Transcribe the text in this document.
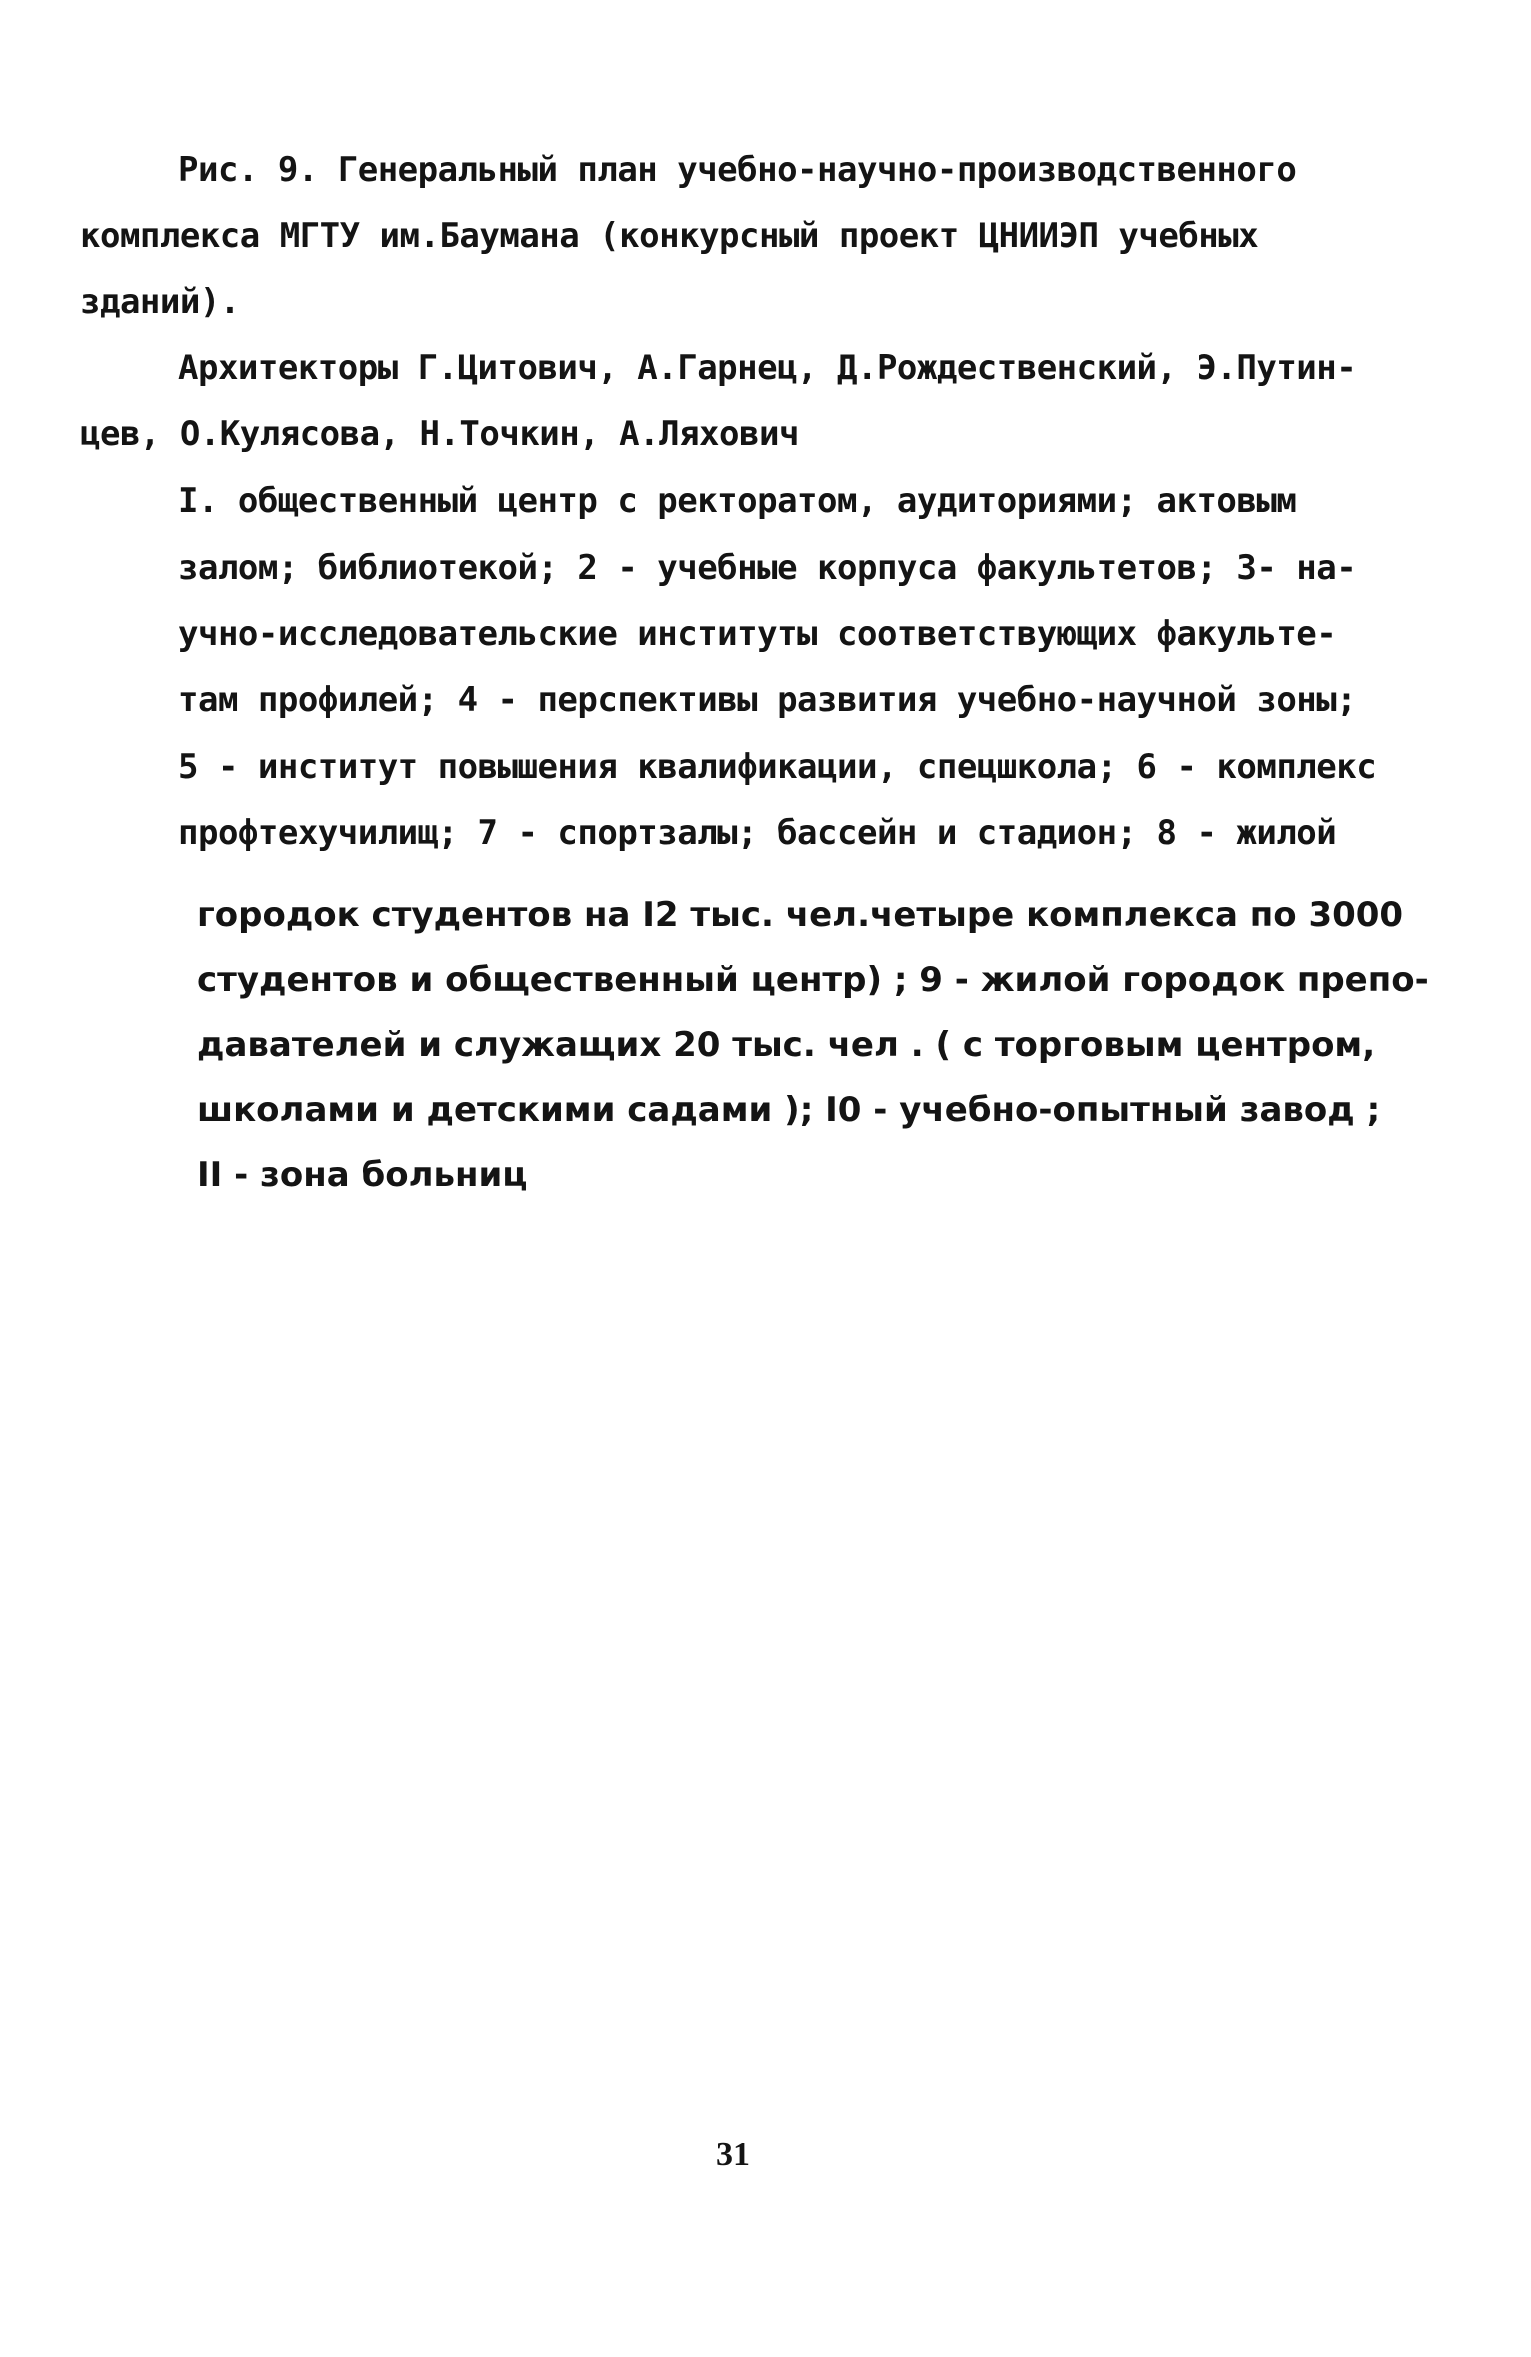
Рис. 9. Генеральный план учебно-научно-производственного
комплекса МГТУ им.Баумана (конкурсный проект ЦНИИЭП учебных
зданий).
Архитекторы Г.Цитович, А.Гарнец, Д.Рождественский, Э.Путин-
цев, О.Кулясова, Н.Точкин, А.Ляхович
I. общественный центр с ректоратом, аудиториями; актовым
залом; библиотекой; 2 - учебные корпуса факультетов; 3- на-
учно-исследовательские институты соответствующих факульте-
там профилей; 4 - перспективы развития учебно-научной зоны;
5 - институт повышения квалификации, спецшкола; 6 - комплекс
профтехучилищ; 7 - спортзалы; бассейн и стадион; 8 - жилой
городок студентов на I2 тыс. чел.четыре комплекса по 3000
студентов и общественный центр) ; 9 - жилой городок препо-
давателей и служащих 20 тыс. чел . ( с торговым центром,
школами и детскими садами ); I0 - учебно-опытный завод ;
II - зона больниц
31
